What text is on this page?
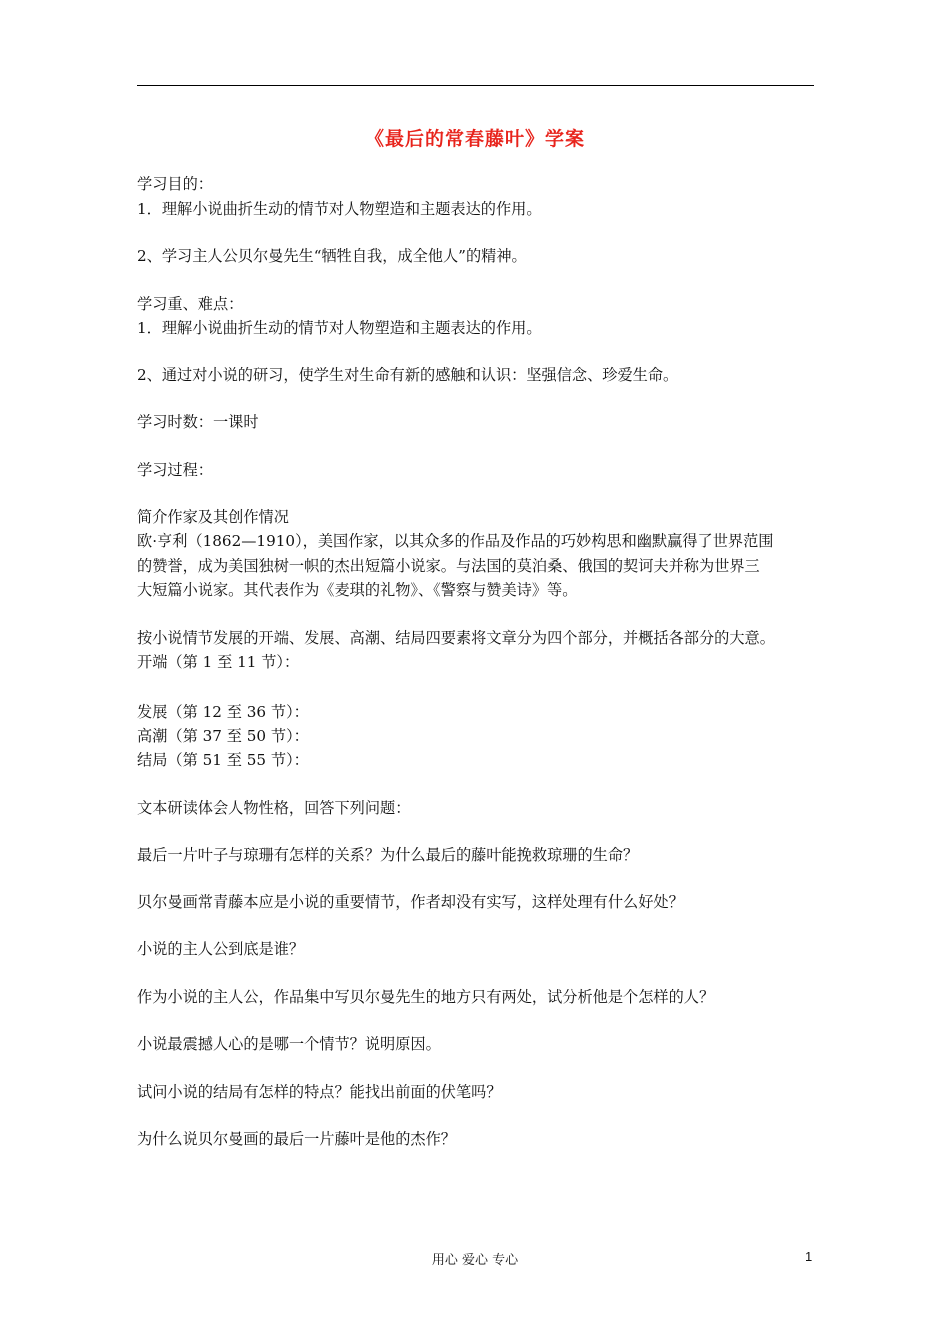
《最后的常春藤叶》学案
学习目的：
1．理解小说曲折生动的情节对人物塑造和主题表达的作用。
2、学习主人公贝尔曼先生“牺牲自我，成全他人”的精神。
学习重、难点：
1．理解小说曲折生动的情节对人物塑造和主题表达的作用。
2、通过对小说的研习，使学生对生命有新的感触和认识：坚强信念、珍爱生命。
学习时数：一课时
学习过程：
简介作家及其创作情况
欧·亨利（1862—1910），美国作家，以其众多的作品及作品的巧妙构思和幽默赢得了世界范围
的赞誉，成为美国独树一帜的杰出短篇小说家。与法国的莫泊桑、俄国的契诃夫并称为世界三
大短篇小说家。其代表作为《麦琪的礼物》、《警察与赞美诗》等。
按小说情节发展的开端、发展、高潮、结局四要素将文章分为四个部分，并概括各部分的大意。
开端（第 1 至 11 节）：
发展（第 12 至 36 节）：
高潮（第 37 至 50 节）：
结局（第 51 至 55 节）：
文本研读体会人物性格，回答下列问题：
最后一片叶子与琼珊有怎样的关系？为什么最后的藤叶能挽救琼珊的生命？
贝尔曼画常青藤本应是小说的重要情节，作者却没有实写，这样处理有什么好处？
小说的主人公到底是谁？
作为小说的主人公，作品集中写贝尔曼先生的地方只有两处，试分析他是个怎样的人？
小说最震撼人心的是哪一个情节？说明原因。
试问小说的结局有怎样的特点？能找出前面的伏笔吗？
为什么说贝尔曼画的最后一片藤叶是他的杰作？
用心 爱心 专心	1
